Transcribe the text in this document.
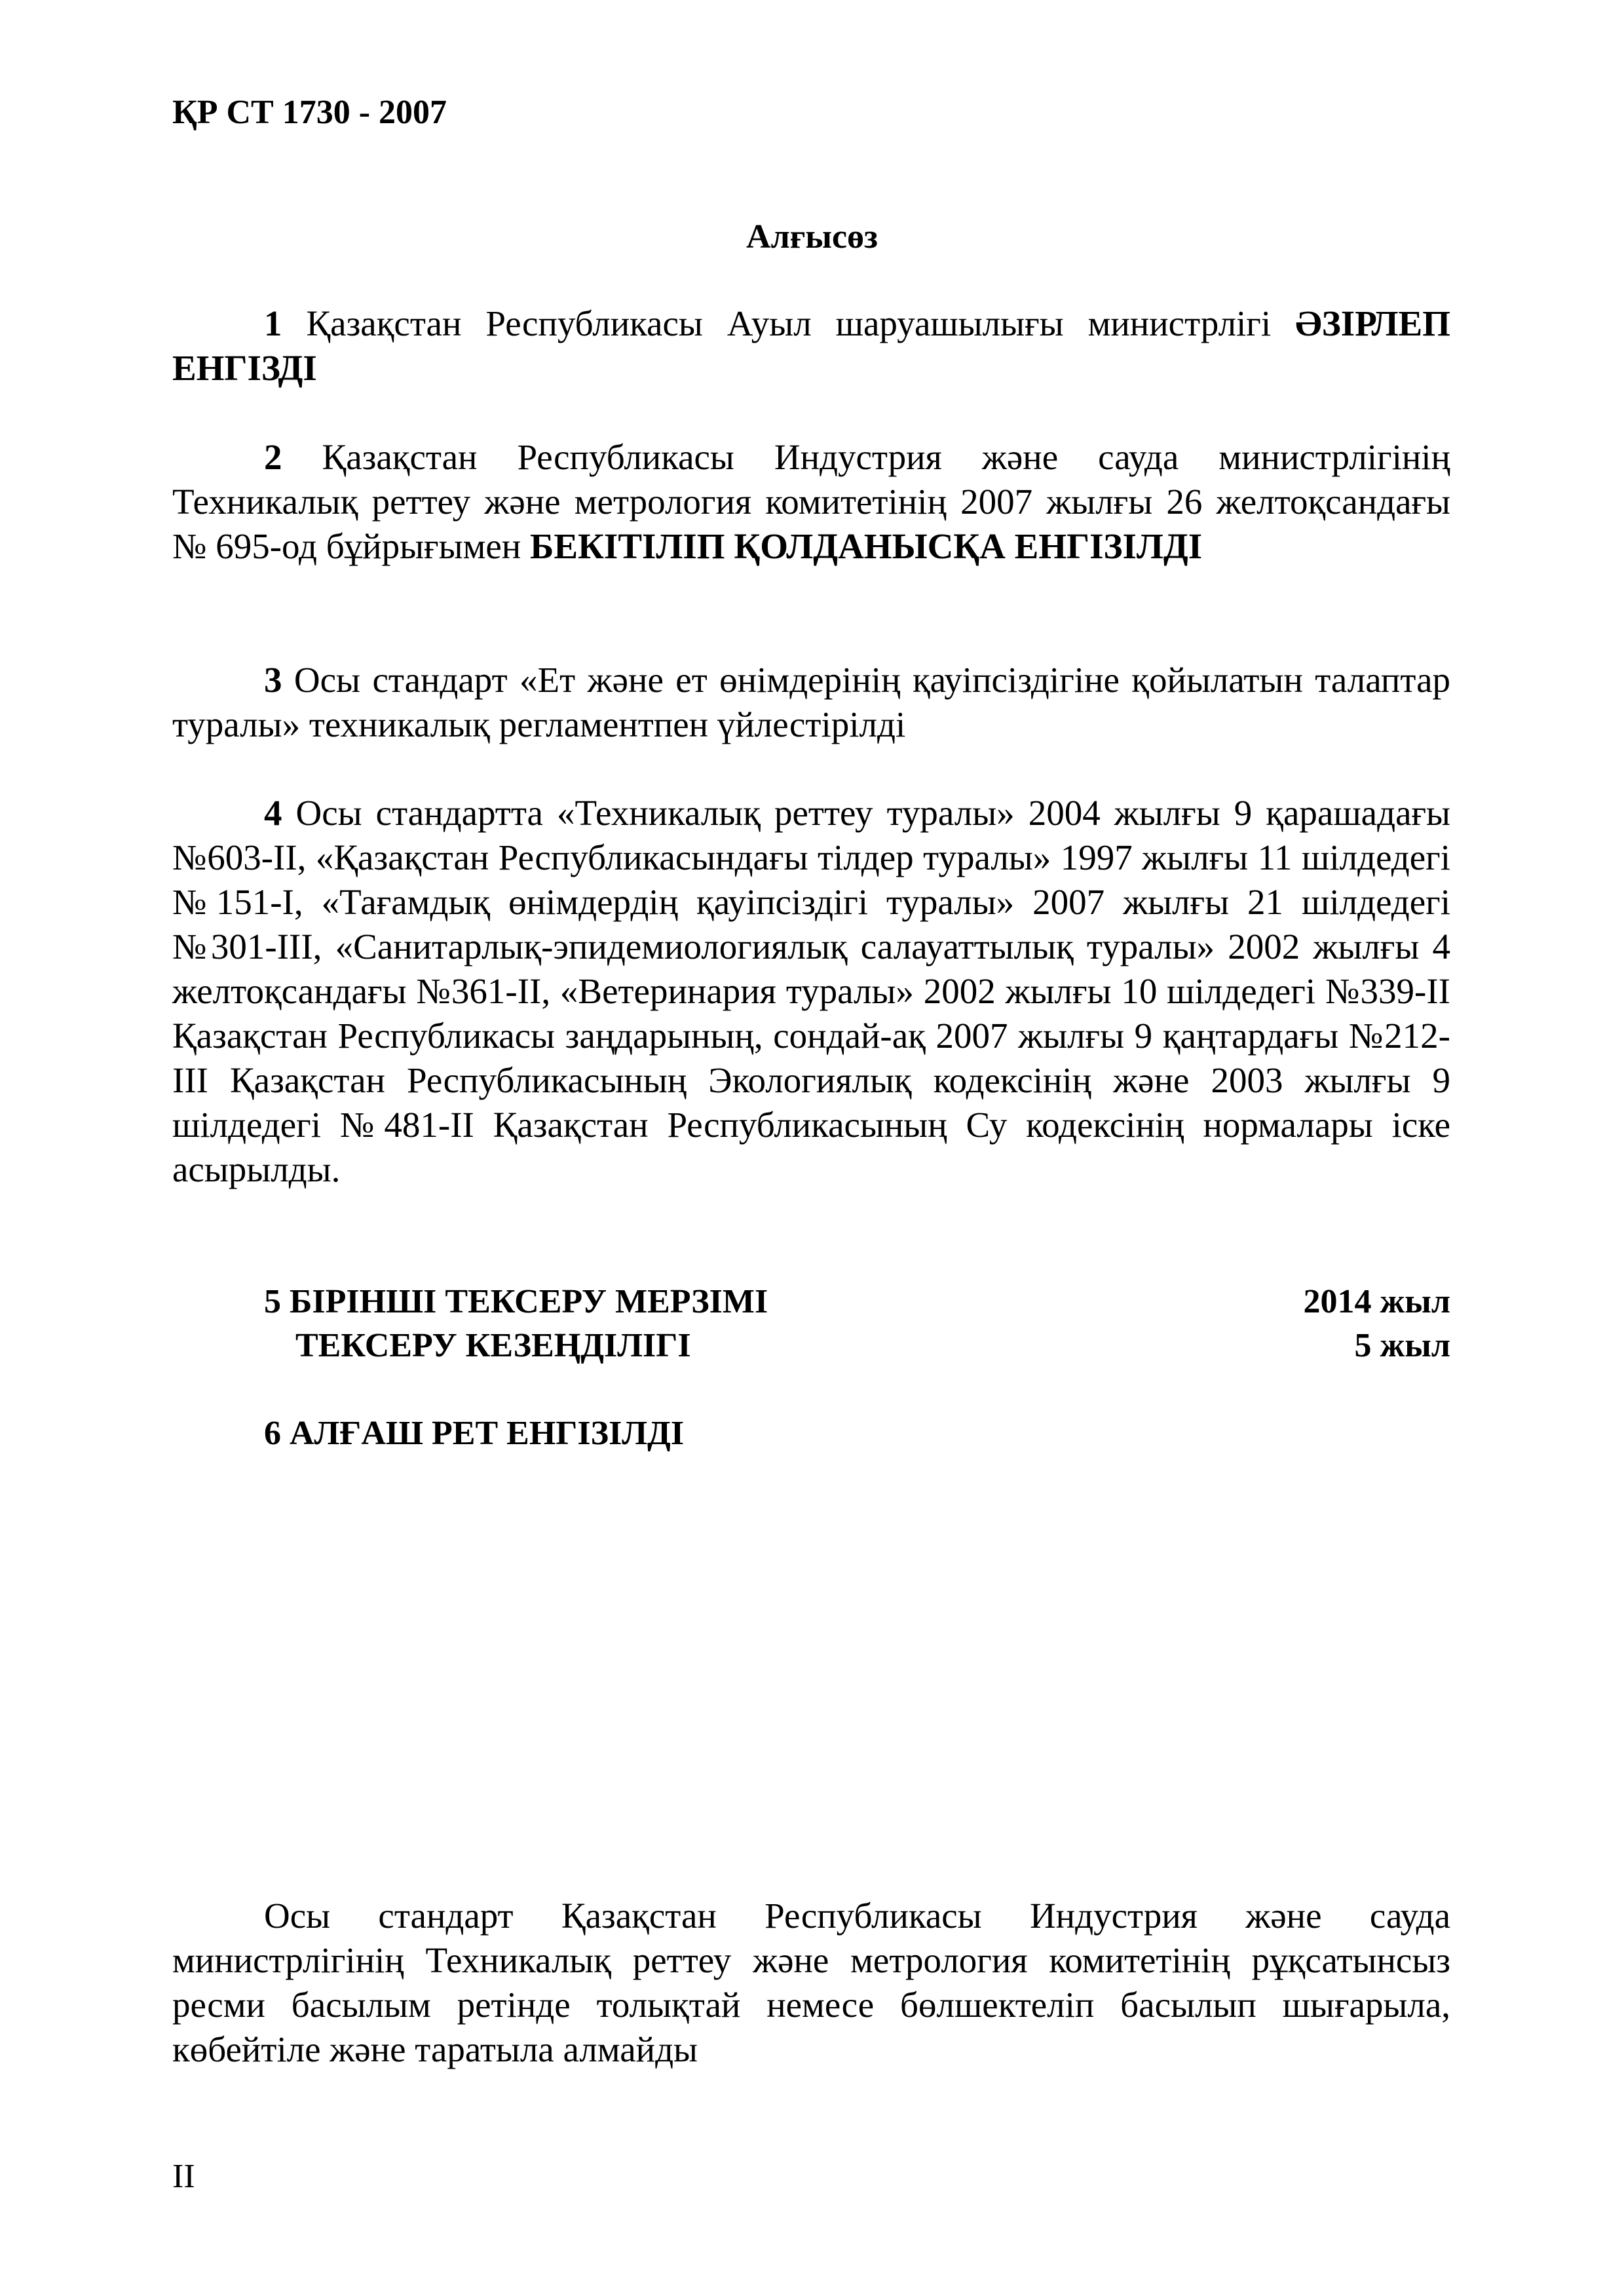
ҚР СТ 1730 - 2007
Алғысөз
1 Қазақстан Республикасы Ауыл шаруашылығы министрлігі ӘЗІРЛЕП ЕНГІЗДІ
2 Қазақстан Республикасы Индустрия және сауда министрлігінің Техникалық реттеу және метрология комитетінің 2007 жылғы 26 желтоқсандағы № 695-од бұйрығымен БЕКІТІЛІП ҚОЛДАНЫСҚА ЕНГІЗІЛДІ
3 Осы стандарт «Ет және ет өнімдерінің қауіпсіздігіне қойылатын талаптар туралы» техникалық регламентпен үйлестірілді
4 Осы стандартта «Техникалық реттеу туралы» 2004 жылғы 9 қарашадағы №603-ІІ, «Қазақстан Республикасындағы тілдер туралы» 1997 жылғы 11 шілдедегі №151-І, «Тағамдық өнімдердің қауіпсіздігі туралы» 2007 жылғы 21 шілдедегі №301-ІІІ, «Санитарлық-эпидемиологиялық салауаттылық туралы» 2002 жылғы 4 желтоқсандағы №361-ІІ, «Ветеринария туралы» 2002 жылғы 10 шілдедегі №339-ІІ Қазақстан Республикасы заңдарының, сондай-ақ 2007 жылғы 9 қаңтардағы №212-ІІІ Қазақстан Республикасының Экологиялық кодексінің және 2003 жылғы 9 шілдедегі №481-ІІ Қазақстан Республикасының Су кодексінің нормалары іске асырылды.
5 БІРІНШІ ТЕКСЕРУ МЕРЗІМІ	2014 жыл
ТЕКСЕРУ КЕЗЕҢДІЛІГІ	5 жыл
6 АЛҒАШ РЕТ ЕНГІЗІЛДІ
Осы стандарт Қазақстан Республикасы Индустрия және сауда министрлігінің Техникалық реттеу және метрология комитетінің рұқсатынсыз ресми басылым ретінде толықтай немесе бөлшектеліп басылып шығарыла, көбейтіле және таратыла алмайды
II
